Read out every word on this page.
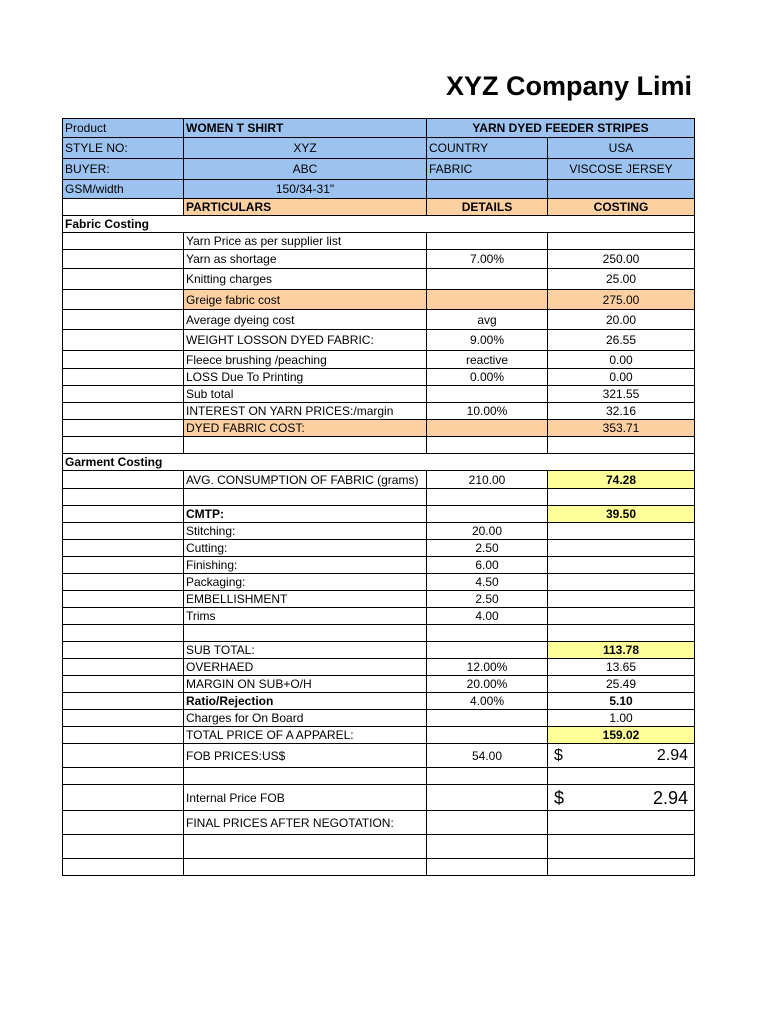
XYZ Company Limi
Product	WOMEN T SHIRT	YARN DYED FEEDER STRIPES	
STYLE NO:	XYZ	COUNTRY	USA
BUYER:	ABC	FABRIC	VISCOSE JERSEY
GSM/width	150/34-31"		
	PARTICULARS	DETAILS	COSTING
Fabric Costing			
	Yarn Price as per supplier list		
	Yarn as shortage	7.00%	250.00
	Knitting charges		25.00
	Greige fabric cost		275.00
	Average dyeing cost	avg	20.00
	WEIGHT LOSSON DYED FABRIC:	9.00%	26.55
	Fleece brushing /peaching	reactive	0.00
	LOSS Due To Printing	0.00%	0.00
	Sub total		321.55
	INTEREST ON YARN PRICES:/margin	10.00%	32.16
	DYED FABRIC COST:		353.71

Garment Costing			
	AVG. CONSUMPTION OF FABRIC (grams)	210.00	74.28

	CMTP:		39.50
	Stitching:	20.00	
	Cutting:	2.50	
	Finishing:	6.00	
	Packaging:	4.50	
	EMBELLISHMENT	2.50	
	Trims	4.00	

	SUB TOTAL:		113.78
	OVERHAED	12.00%	13.65
	MARGIN ON SUB+O/H	20.00%	25.49
	Ratio/Rejection	4.00%	5.10
	Charges for On Board		1.00
	TOTAL PRICE OF A APPAREL:		159.02
	FOB PRICES:US$	54.00	$ 2.94

	Internal Price FOB		$ 2.94

	FINAL PRICES AFTER NEGOTATION:		
